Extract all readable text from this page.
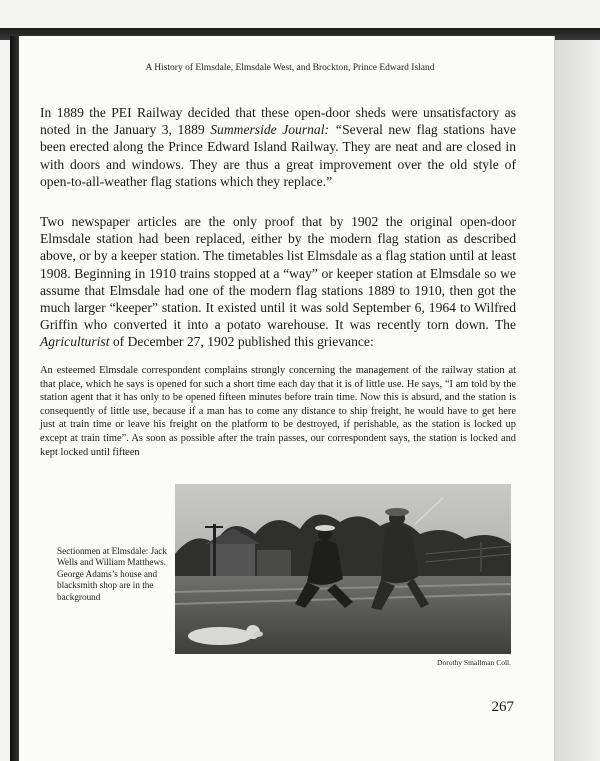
A History of Elmsdale, Elmsdale West, and Brockton, Prince Edward Island

In 1889 the PEI Railway decided that these open-door sheds were unsatisfactory as noted in the January 3, 1889 Summerside Journal: “Several new flag stations have been erected along the Prince Edward Island Railway. They are neat and are closed in with doors and windows. They are thus a great improvement over the old style of open-to-all-weather flag stations which they replace.”

Two newspaper articles are the only proof that by 1902 the original open-door Elmsdale station had been replaced, either by the modern flag station as described above, or by a keeper station. The timetables list Elmsdale as a flag station until at least 1908. Beginning in 1910 trains stopped at a “way” or keeper station at Elmsdale so we assume that Elmsdale had one of the modern flag stations 1889 to 1910, then got the much larger “keeper” station. It existed until it was sold September 6, 1964 to Wilfred Griffin who converted it into a potato warehouse. It was recently torn down. The Agriculturist of December 27, 1902 published this grievance:

An esteemed Elmsdale correspondent complains strongly concerning the management of the railway station at that place, which he says is opened for such a short time each day that it is of little use. He says, “I am told by the station agent that it has only to be opened fifteen minutes before train time. Now this is absurd, and the station is consequently of little use, because if a man has to come any distance to ship freight, he would have to get here just at train time or leave his freight on the platform to be destroyed, if perishable, as the station is locked up except at train time”. As soon as possible after the train passes, our correspondent says, the station is locked and kept locked until fifteen

Sectionmen at Elmsdale: Jack Wells and William Matthews. George Adams’s house and blacksmith shop are in the background

Dorothy Smallman Coll.
267
